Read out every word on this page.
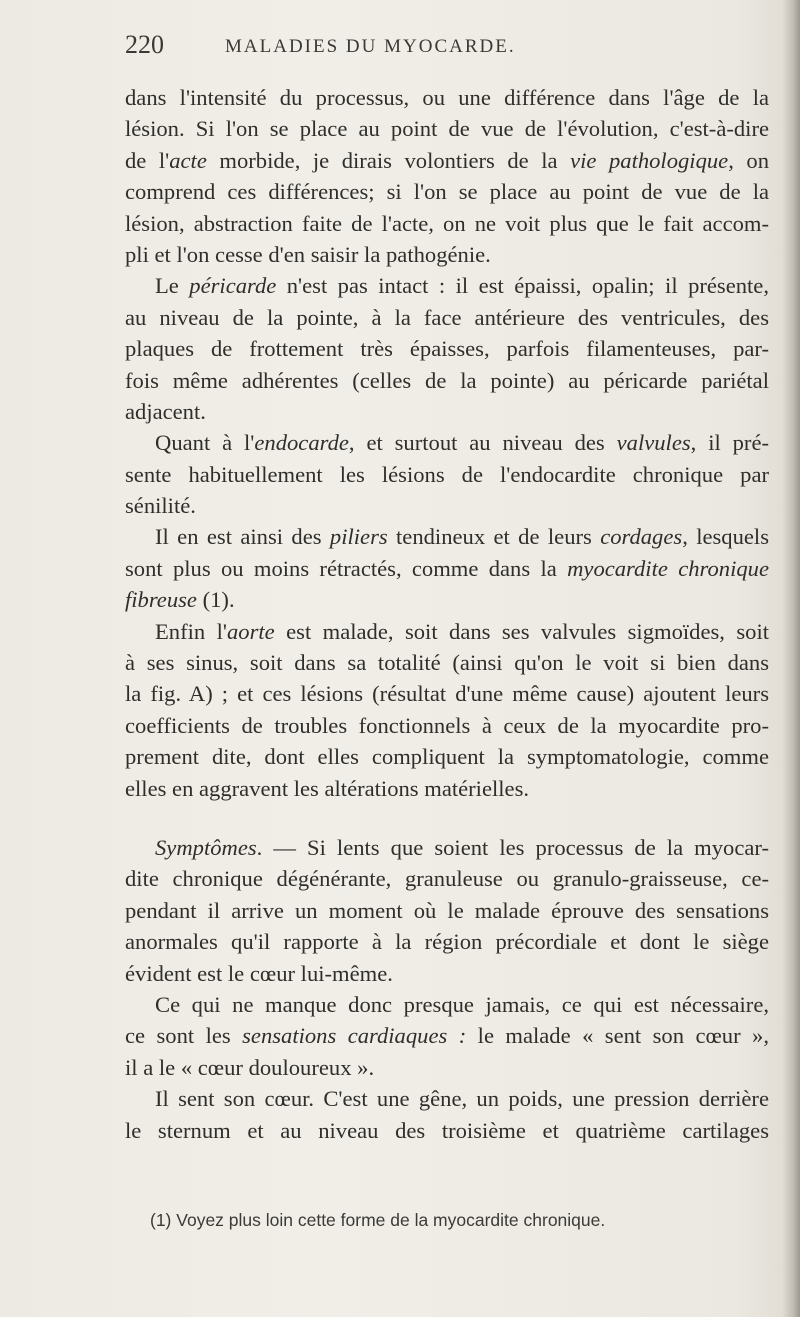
220	MALADIES DU MYOCARDE.
dans l'intensité du processus, ou une différence dans l'âge de la
lésion. Si l'on se place au point de vue de l'évolution, c'est-à-dire
de l'acte morbide, je dirais volontiers de la vie pathologique, on
comprend ces différences; si l'on se place au point de vue de la
lésion, abstraction faite de l'acte, on ne voit plus que le fait accom-
pli et l'on cesse d'en saisir la pathogénie.
Le péricarde n'est pas intact : il est épaissi, opalin; il présente,
au niveau de la pointe, à la face antérieure des ventricules, des
plaques de frottement très épaisses, parfois filamenteuses, par-
fois même adhérentes (celles de la pointe) au péricarde pariétal
adjacent.
Quant à l'endocarde, et surtout au niveau des valvules, il pré-
sente habituellement les lésions de l'endocardite chronique par
sénilité.
Il en est ainsi des piliers tendineux et de leurs cordages, lesquels
sont plus ou moins rétractés, comme dans la myocardite chronique
fibreuse (1).
Enfin l'aorte est malade, soit dans ses valvules sigmoïdes, soit
à ses sinus, soit dans sa totalité (ainsi qu'on le voit si bien dans
la fig. A) ; et ces lésions (résultat d'une même cause) ajoutent leurs
coefficients de troubles fonctionnels à ceux de la myocardite pro-
prement dite, dont elles compliquent la symptomatologie, comme
elles en aggravent les altérations matérielles.
Symptômes. — Si lents que soient les processus de la myocar-
dite chronique dégénérante, granuleuse ou granulo-graisseuse, ce-
pendant il arrive un moment où le malade éprouve des sensations
anormales qu'il rapporte à la région précordiale et dont le siège
évident est le cœur lui-même.
Ce qui ne manque donc presque jamais, ce qui est nécessaire,
ce sont les sensations cardiaques : le malade « sent son cœur »,
il a le « cœur douloureux ».
Il sent son cœur. C'est une gêne, un poids, une pression derrière
le sternum et au niveau des troisième et quatrième cartilages
(1) Voyez plus loin cette forme de la myocardite chronique.
